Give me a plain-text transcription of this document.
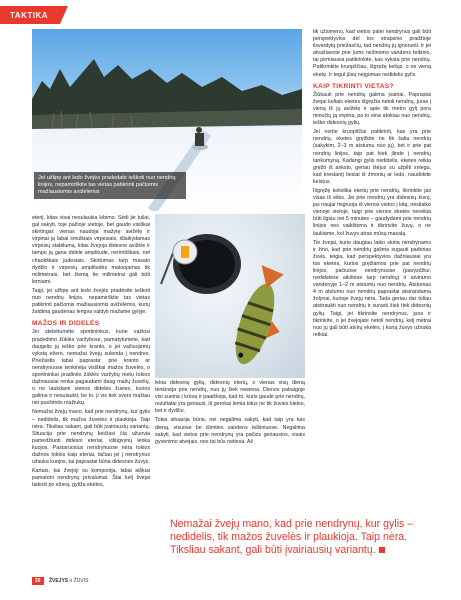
TAKTIKA
Jei užlipę ant ledo žvejės pradedate ieškoti nuo nendrių linijos, nepamirškite tas vietas patikrinti pačiomis mažiausiomis avižėlėmis

eteriį, kitas visai nesulaukia kibimo. Sėdi jie tuliai, gal sakyti, toje pačioje vietoje, bet gaudo visiškai skirtingai: vienas naudoja mažytę avižėlę ir virpinai ją labai smulkiais virpesiais, išlaikydamas virpesių stabilumą, kitas žvejoja didesne avižėle ir tampo ją gana didele amplitude, nerimtiškais, net chaotiškais judesiais. Skirtumas tarp masalo dydžio ir virpesių amplitudės matuojamas tik milimetrais, bet žiemą tie milimetrai gali būti lemiami.

Taigi, jei užlipę ant ledo žvejės pradėsite ieškoti nuo nendrių linijos, nepamirškite tas vietas patikrinti pačiomis mažiausiomis avižėlėmis, kurių žaidimą gaudėnas lengva valdyti mažame gylyje.

MAŽOS IR DIDELĖS

Jei stebėtumėte sportininkus, kurie važiosi pradedimo žūklės varžybose, pamatytumėte, kad daugelis jų ieško prie kranto, o jei važiuojamų vykstą ežere, nemažai žvejų sulenda į nendres. Priežastis labai paprasta: prie kranto ar nendrynuose tenkinėja visiškai mažos žuvelės, o sportininkai pradinės žūklės varžybų metu tokios dažniausiai renka pagaudami daug mažų žuvelių, o ne laukdami vienos didelės žuvies, kurios galima ir nesulaukti, be to, ji vis tiek svers mažiau nei pusšimtis mažiukų.

Nemažai žvejų mano, kad prie nendrynų, kur gylis – nedidelis, tik mažos žuvelės ir plaukioja. Taip nėra. Tiksliau sakant, gali būti įvairiausių variantų. Situacija prie nendrynų keičiasi čia užuovia pamedžiuoti didesni eteriai, viliūgvynų lenka kuojos. Pastaruosius nendrynuose nėra tokios dažnos tokios kaip eteriai, tačiau jei į nendrynus užsuka kuojos, tai paprastai būna didesnės žuvys.

Kartais, kai žvejoji su komponija, labai aiškiai pamatoni nendrynų privalumai. Štai kelį žvejai taikoši po ežerą, gyliža ekėtes,

lekia didesnių gylių, didesnių eterių, o vienas visų dieną tenkinėja prie nendrų, nuo jų šiek neeiena. Dienos pabaigoje visi sueina į krūvą ir paaiškėja, kad to, kuris gaudė prie nendrių, rezultatai yra geriausi, iš gerokai lemia kitus ne tik žuvies kiekiu, bet ir dydžiu.

Tokia situacija būna, nei negalima sakyti, kad taip yra kas dieną, visuose be išimties vandens telkiniuose. Negalima sakyti, kad vietos prie nendrynų yra pačios geriausios, visais gyvenimo atvejais, nes tai būs netiesa. Aš

tik užsimenu, kad vietos palei nendrynus gali būti perspektyvios dėl tos strapsnio pradžioje ilsvardytų priežasčių, tad nendrių jų ignoruoti. Ir jei atvažiavote prie jums nežinomo vandens telkinio, tai pirmiausia patikrinkite, kas vyksta prie nendrių. Patikrinkite kruopščiau, išgręžę keliųs, o ne vieną eketę. Ir tegul jūsų neįgumas nedidelis gylis.

KAIP TIKRINTI VIETAS?

Žiūkauti prie nendrių galima įvairiai. Paprastai žvejai keliais eketes išgręžia netoli nendrių, juras į vieną iš jų avižėlę ir apie tik metro gylį pora minučių ją virpina, po to eina atokiau nuo nendrių, ieško didesnių gylių.

Jei norite kruopščiai patikrinti, kas yra prie nendrių, eketes gręžkite ne tik šalia nendrių (sakykim, 2–3 m atstumu nuo jų), bet ir prie pat nendrių linijos, taip pat kiek įlinde į nendrių tankumyną. Kadangi gylis nedidelis, eketes reikia gręžti iš anksto, geriau išėjus su užpilti sniegu, kad krestantį tiesiai iš žmonių ar ledo, naudokite keistus.

Išgręžę keliolika eketių prie nendrių, tikrinkite jas visas iš eilės. Jei prie nendrių yra didesnių žuvų, jas naujai migruoja iš vienos vietos į kitą, nesilaiko vienoje vietoje, taigi prie vienos eketės nereikia būti ilgiau nei 5 minutes – gaudydami prie nendrių linijos nes vaikštoma ir tikrinsite žuvų, o ne laukiame, kol žuvys atras mūsų masalą.

Tie žvejai, kurie daugiau laiko skiria nendrynams ir žino, kad prie nendrių galima sugauti padorias žuvis, teigia, kad perspektyvios dažniausiai yra tos eketės, kurios gręžiamos prie pat nendrių linijos, pačiuose nendrynuose (pavyzdžiui, nedidelėse aikštėse tarp nendrių) ir atviramo vandenyje 1–2 m atstumu nuo nendrių. Atstumas 4 m atstumu nuo nendrių paprastai atsirandama žolynai, kurioje žvejų nėra. Tada geriau dar toliau atsitraukti nuo nendrių ir surasti šiek tiek didesnių gylių. Taigi, jei tikrinsite nendrynus, juos ir tikrinkite, o jei žvejojate netoli nendrių, kelį metrai nuo jų gali būti atvirų eketės, į kurią žuvys užsuka retkiai.

Nemažai žvejų mano, kad prie nendrynų, kur gylis – nedidelis, tik mažos žuvelės ir plaukioja. Taip nėra. Tiksliau sakant, gali būti įvairiausių variantų.
26 ŽVEJYS ir ŽUVIS
